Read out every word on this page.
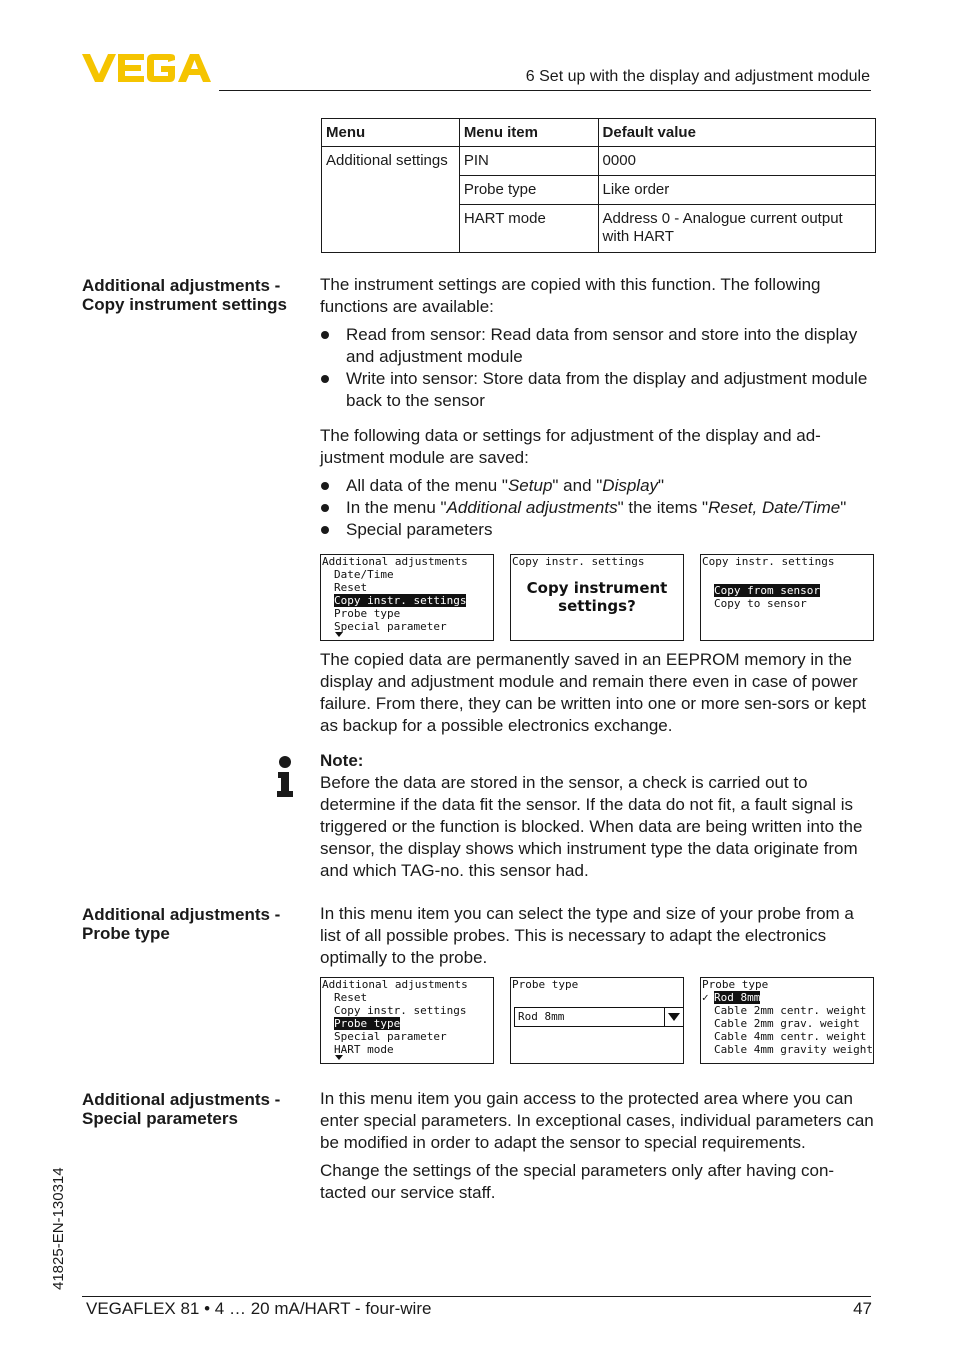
6 Set up with the display and adjustment module
Menu	Menu item	Default value
Additional settings	PIN	0000
	Probe type	Like order
	HART mode	Address 0 - Analogue current output with HART
Additional adjustments -
Copy instrument settings

The instrument settings are copied with this function. The following functions are available:

Read from sensor: Read data from sensor and store into the display and adjustment module
Write into sensor: Store data from the display and adjustment module back to the sensor

The following data or settings for adjustment of the display and ad-justment module are saved:

All data of the menu "Setup" and "Display"
In the menu "Additional adjustments" the items "Reset, Date/Time"
Special parameters
Additional adjustments
Date/Time
Reset
Copy instr. settings
Probe type
Special parameter
Copy instr. settings
Copy instrument
settings?
Copy instr. settings
Copy from sensor
Copy to sensor
The copied data are permanently saved in an EEPROM memory in the display and adjustment module and remain there even in case of power failure. From there, they can be written into one or more sen-sors or kept as backup for a possible electronics exchange.
Note:
Before the data are stored in the sensor, a check is carried out to determine if the data fit the sensor. If the data do not fit, a fault signal is triggered or the function is blocked. When data are being written into the sensor, the display shows which instrument type the data originate from and which TAG-no. this sensor had.
Additional adjustments -
Probe type
In this menu item you can select the type and size of your probe from a list of all possible probes. This is necessary to adapt the electronics optimally to the probe.
Additional adjustments
Reset
Copy instr. settings
Probe type
Special parameter
HART mode
Probe type
Rod 8mm
Probe type
✓ Rod 8mm
Cable 2mm centr. weight
Cable 2mm grav. weight
Cable 4mm centr. weight
Cable 4mm gravity weight
Additional adjustments -
Special parameters

In this menu item you gain access to the protected area where you can enter special parameters. In exceptional cases, individual parameters can be modified in order to adapt the sensor to special requirements.

Change the settings of the special parameters only after having con-tacted our service staff.

41825-EN-130314
VEGAFLEX 81 • 4 … 20 mA/HART - four-wire	47
